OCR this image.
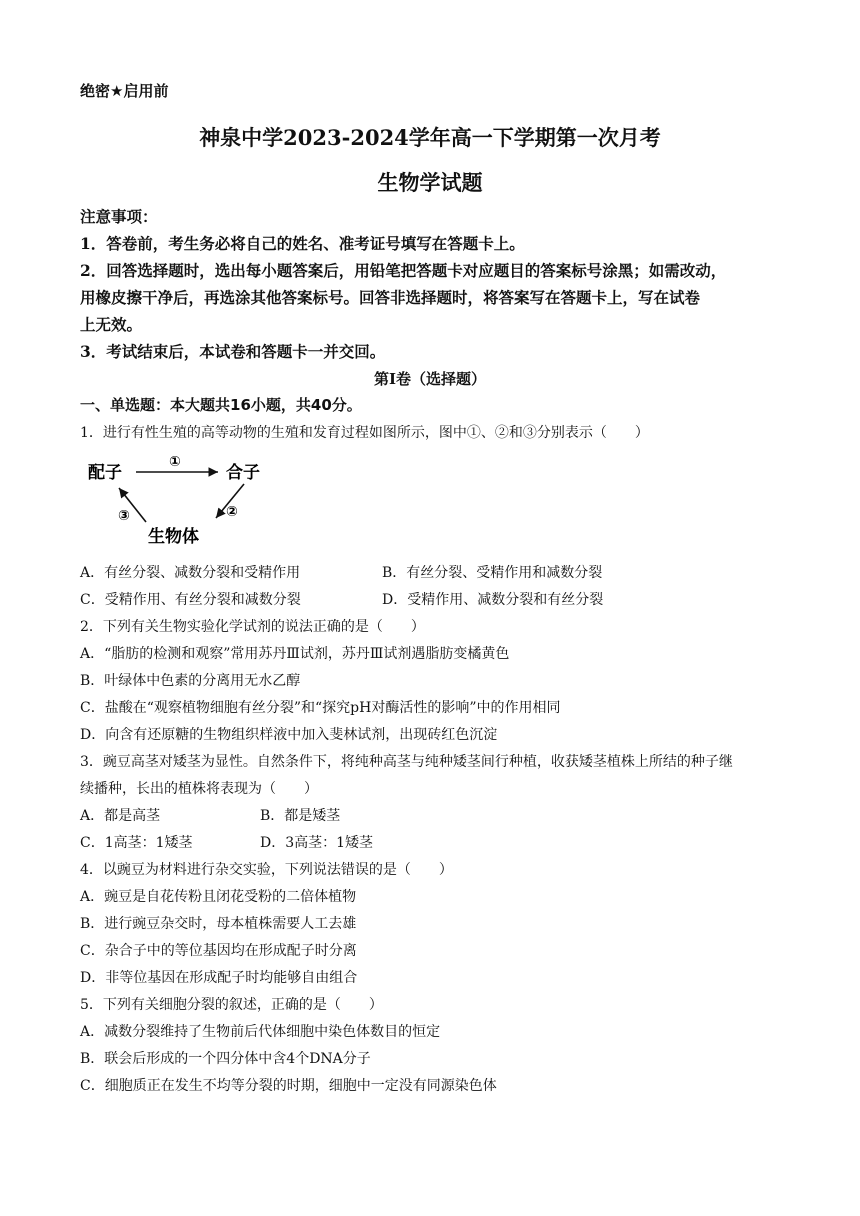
绝密★启用前
神泉中学2023-2024学年高一下学期第一次月考
生物学试题
注意事项：
1．答卷前，考生务必将自己的姓名、准考证号填写在答题卡上。
2．回答选择题时，选出每小题答案后，用铅笔把答题卡对应题目的答案标号涂黑；如需改动，
用橡皮擦干净后，再选涂其他答案标号。回答非选择题时，将答案写在答题卡上，写在试卷
上无效。
3．考试结束后，本试卷和答题卡一并交回。
第Ⅰ卷（选择题）
一、单选题：本大题共16小题，共40分。
1．进行有性生殖的高等动物的生殖和发育过程如图所示，图中①、②和③分别表示（　　）
配子	合子
生物体
①
②
③
A．有丝分裂、减数分裂和受精作用	B．有丝分裂、受精作用和减数分裂
C．受精作用、有丝分裂和减数分裂	D．受精作用、减数分裂和有丝分裂
2．下列有关生物实验化学试剂的说法正确的是（　　）
A．“脂肪的检测和观察”常用苏丹Ⅲ试剂，苏丹Ⅲ试剂遇脂肪变橘黄色
B．叶绿体中色素的分离用无水乙醇
C．盐酸在“观察植物细胞有丝分裂”和“探究pH对酶活性的影响”中的作用相同
D．向含有还原糖的生物组织样液中加入斐林试剂，出现砖红色沉淀
3．豌豆高茎对矮茎为显性。自然条件下，将纯种高茎与纯种矮茎间行种植，收获矮茎植株上所结的种子继
续播种，长出的植株将表现为（　　）
A．都是高茎	B．都是矮茎
C．1高茎：1矮茎	D．3高茎：1矮茎
4．以豌豆为材料进行杂交实验，下列说法错误的是（　　）
A．豌豆是自花传粉且闭花受粉的二倍体植物
B．进行豌豆杂交时，母本植株需要人工去雄
C．杂合子中的等位基因均在形成配子时分离
D．非等位基因在形成配子时均能够自由组合
5．下列有关细胞分裂的叙述，正确的是（　　）
A．减数分裂维持了生物前后代体细胞中染色体数目的恒定
B．联会后形成的一个四分体中含4个DNA分子
C．细胞质正在发生不均等分裂的时期，细胞中一定没有同源染色体
